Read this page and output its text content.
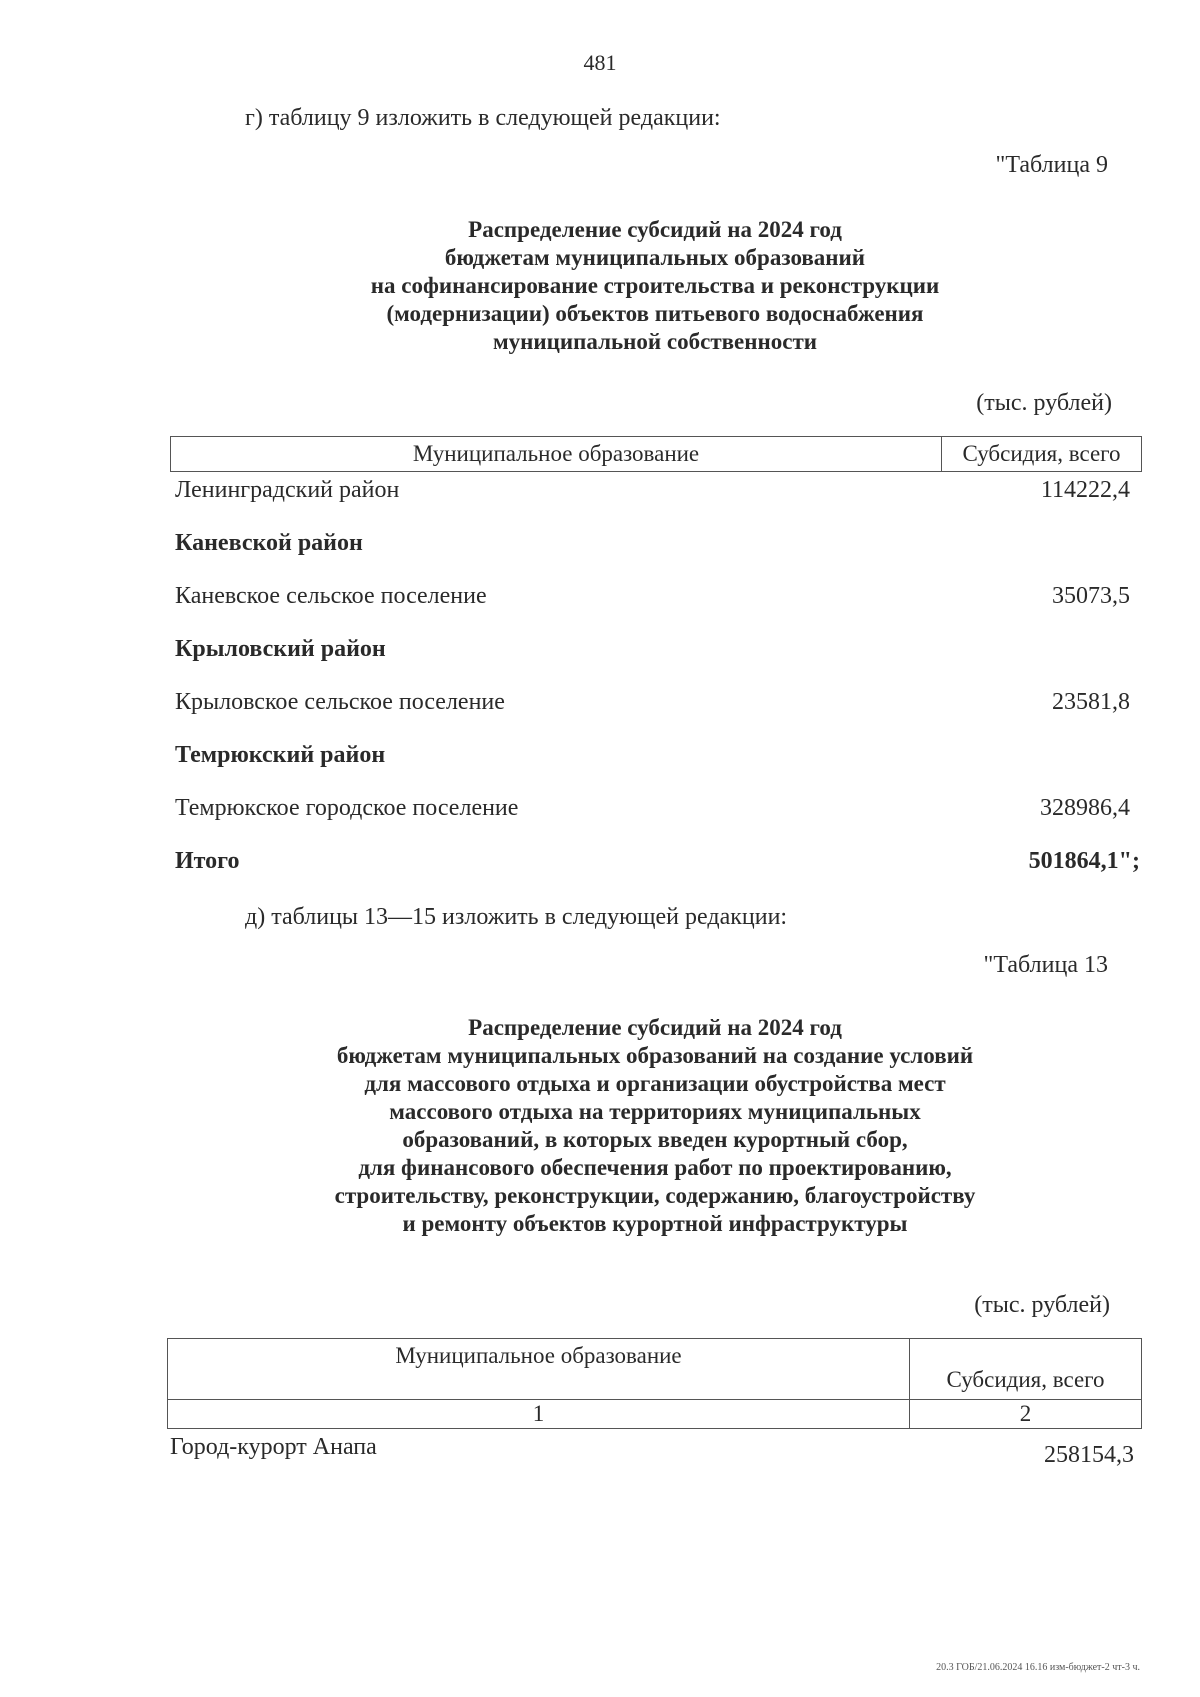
481
г) таблицу 9 изложить в следующей редакции:
"Таблица 9
Распределение субсидий на 2024 год
бюджетам муниципальных образований
на софинансирование строительства и реконструкции
(модернизации) объектов питьевого водоснабжения
муниципальной собственности
(тыс. рублей)
Муниципальное образование	Субсидия, всего
Ленинградский район	114222,4
Каневской район
Каневское сельское поселение	35073,5
Крыловский район
Крыловское сельское поселение	23581,8
Темрюкский район
Темрюкское городское поселение	328986,4
Итого	501864,1";
д) таблицы 13—15 изложить в следующей редакции:
"Таблица 13
Распределение субсидий на 2024 год
бюджетам муниципальных образований на создание условий
для массового отдыха и организации обустройства мест
массового отдыха на территориях муниципальных
образований, в которых введен курортный сбор,
для финансового обеспечения работ по проектированию,
строительству, реконструкции, содержанию, благоустройству
и ремонту объектов курортной инфраструктуры
(тыс. рублей)
Муниципальное образование	Субсидия, всего
1	2
Город-курорт Анапа	258154,3
20.3 ГОБ/21.06.2024 16.16 изм-бюджет-2 чт-3 ч.
